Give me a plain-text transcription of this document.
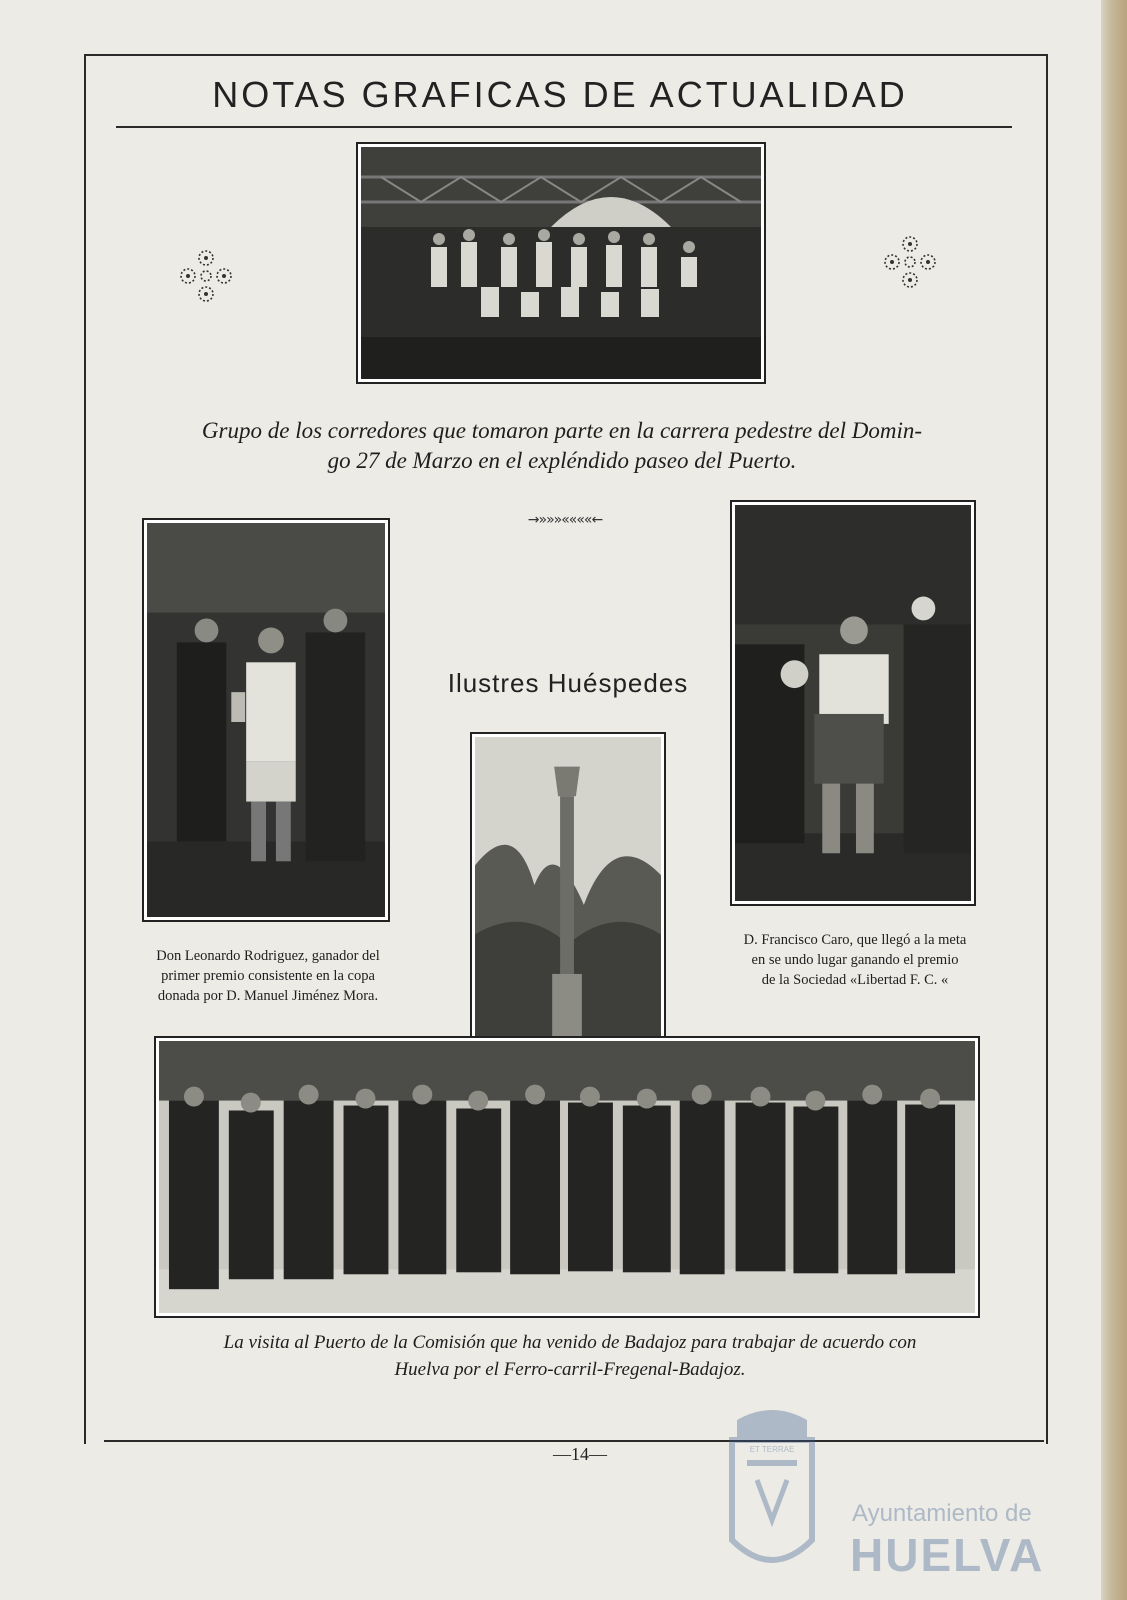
NOTAS GRAFICAS DE ACTUALIDAD
Grupo de los corredores que tomaron parte en la carrera pedestre del Domin-
go 27 de Marzo en el expléndido paseo del Puerto.
→»»»««««←
Ilustres Huéspedes
Don Leonardo Rodriguez, ganador del
primer premio consistente en la copa
donada por D. Manuel Jiménez Mora.
D. Francisco Caro, que llegó a la meta
en se undo lugar ganando el premio
de la Sociedad «Libertad F. C. «
La visita al Puerto de la Comisión que ha venido de Badajoz para trabajar de acuerdo con
Huelva por el Ferro-carril-Fregenal-Badajoz.
—14—	ET TERRAE
Ayuntamiento de
HUELVA
